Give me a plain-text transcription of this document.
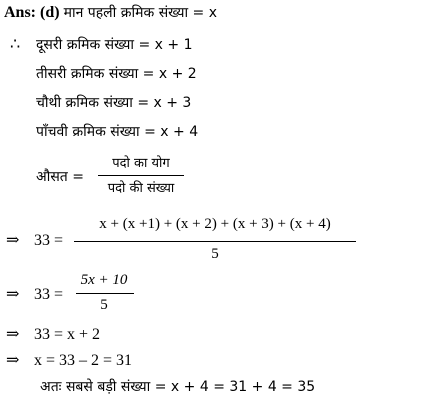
Ans: (d) मान पहली क्रमिक संख्या = x
∴ दूसरी क्रमिक संख्या = x + 1
तीसरी क्रमिक संख्या = x + 2
चौथी क्रमिक संख्या = x + 3
पाँचवी क्रमिक संख्या = x + 4
औसत =
पदो का योग
पदो की संख्या
⇒ 33 =
x + (x +1) + (x + 2) + (x + 3) + (x + 4)
5
⇒ 33 =
5x + 10
5
⇒ 33 = x + 2
⇒ x = 33 – 2 = 31
अतः सबसे बड़ी संख्या = x + 4 = 31 + 4 = 35
